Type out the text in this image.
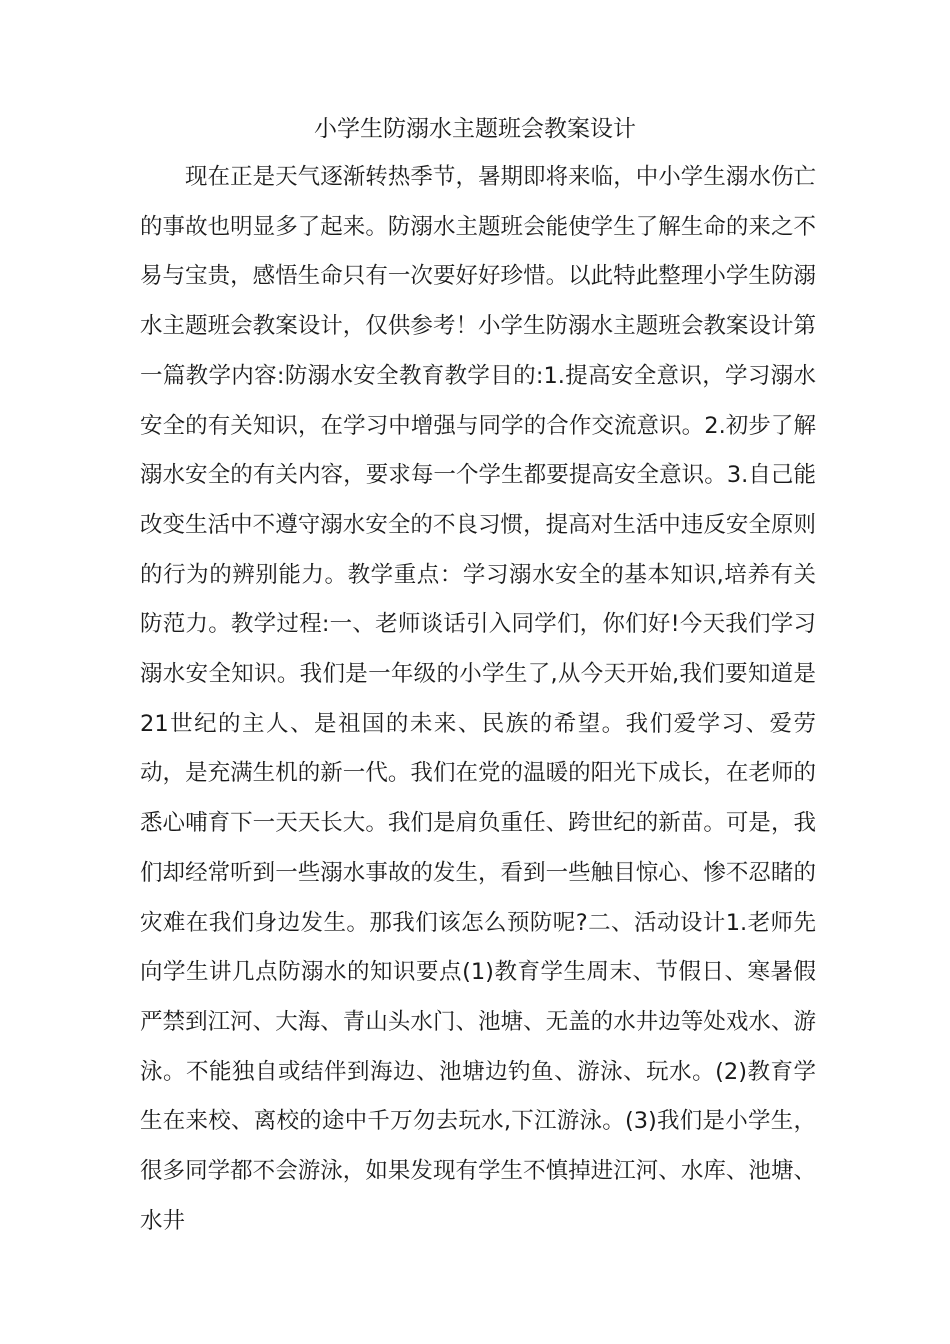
小学生防溺水主题班会教案设计

现在正是天气逐渐转热季节，暑期即将来临，中小学生溺水伤亡的事故也明显多了起来。防溺水主题班会能使学生了解生命的来之不易与宝贵，感悟生命只有一次要好好珍惜。以此特此整理小学生防溺水主题班会教案设计，仅供参考！小学生防溺水主题班会教案设计第一篇教学内容:防溺水安全教育教学目的:1.提高安全意识，学习溺水安全的有关知识，在学习中增强与同学的合作交流意识。2.初步了解溺水安全的有关内容，要求每一个学生都要提高安全意识。3.自己能改变生活中不遵守溺水安全的不良习惯，提高对生活中违反安全原则的行为的辨别能力。教学重点：学习溺水安全的基本知识,培养有关防范力。教学过程:一、老师谈话引入同学们，你们好!今天我们学习溺水安全知识。我们是一年级的小学生了,从今天开始,我们要知道是21世纪的主人、是祖国的未来、民族的希望。我们爱学习、爱劳动，是充满生机的新一代。我们在党的温暖的阳光下成长，在老师的悉心哺育下一天天长大。我们是肩负重任、跨世纪的新苗。可是，我们却经常听到一些溺水事故的发生，看到一些触目惊心、惨不忍睹的灾难在我们身边发生。那我们该怎么预防呢?二、活动设计1.老师先向学生讲几点防溺水的知识要点(1)教育学生周末、节假日、寒暑假严禁到江河、大海、青山头水门、池塘、无盖的水井边等处戏水、游泳。不能独自或结伴到海边、池塘边钓鱼、游泳、玩水。(2)教育学生在来校、离校的途中千万勿去玩水,下江游泳。(3)我们是小学生，很多同学都不会游泳，如果发现有学生不慎掉进江河、水库、池塘、水井
